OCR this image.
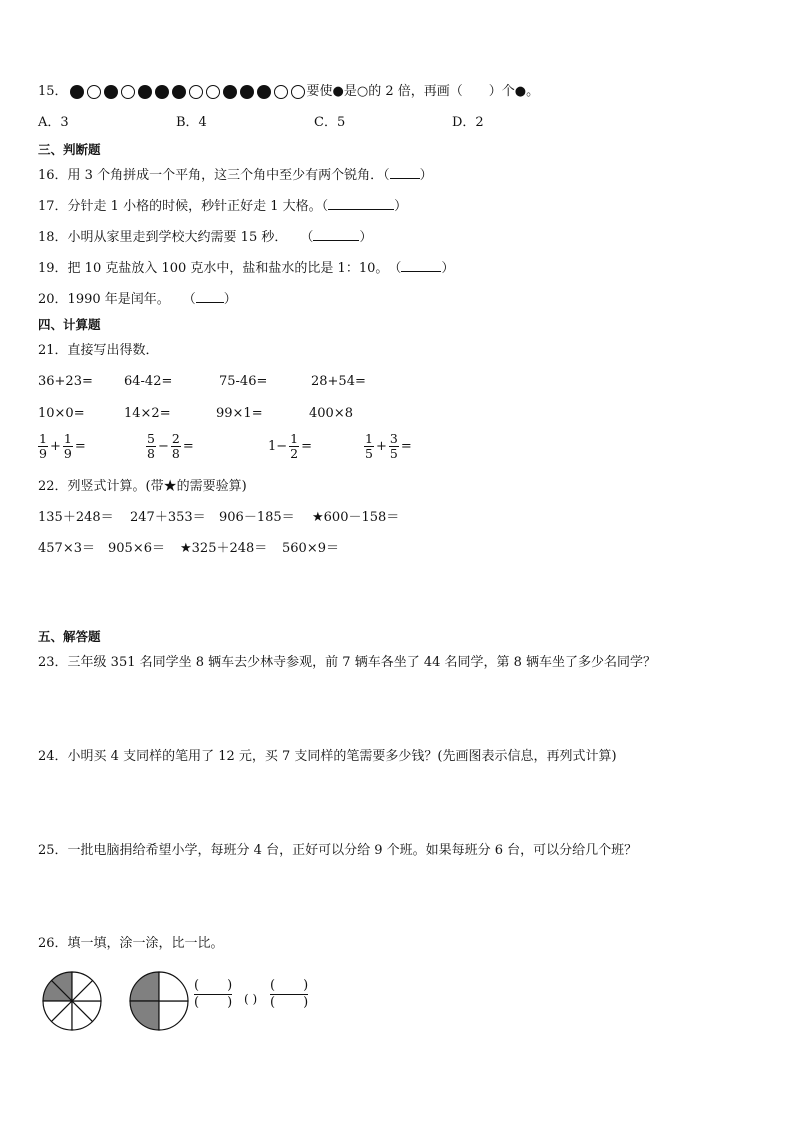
15．	要使●是○的 2 倍，再画（　　）个●。
A．3	B．4	C．5	D．2
三、判断题
16．用 3 个角拼成一个平角，这三个角中至少有两个锐角．（ ）
17．分针走 1 小格的时候，秒针正好走 1 大格。（	）
18．小明从家里走到学校大约需要 15 秒．　　（	）
19．把 10 克盐放入 100 克水中，盐和盐水的比是 1：10。　（	）
20．1990 年是闰年。　　（ ）
四、计算题
21．直接写出得数．
36+23= 64-42=	75-46=	28+54=
10×0=	14×2=	99×1=	400×8
$\frac{1}{9} + \frac{1}{9}$ =	$\frac{5}{8} - \frac{2}{8}$ =	$1- \frac{1}{2}$ =	$\frac{1}{5} + \frac{3}{5}$ =
22．列竖式计算。(带★的需要验算)
135＋248＝ 247＋353＝ 906－185＝ ★600－158＝
457×3＝ 905×6＝ ★325＋248＝ 560×9＝
五、解答题
23．三年级 351 名同学坐 8 辆车去少林寺参观，前 7 辆车各坐了 44 名同学，第 8 辆车坐了多少名同学？
24．小明买 4 支同样的笔用了 12 元，买 7 支同样的笔需要多少钱？(先画图表示信息，再列式计算)
25．一批电脑捐给希望小学，每班分 4 台，正好可以分给 9 个班。如果每班分 6 台，可以分给几个班？
26．填一填，涂一涂，比一比。
( )
( ) ( )
( )
( )
